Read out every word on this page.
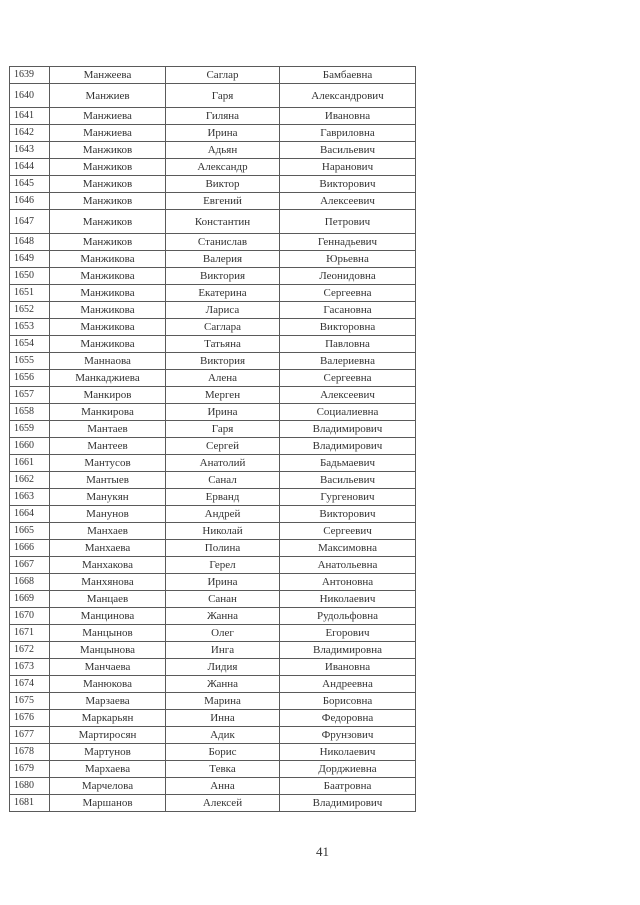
1639	Манжеева	Саглар	Бамбаевна
1640	Манжиев	Гаря	Александрович
1641	Манжиева	Гиляна	Ивановна
1642	Манжиева	Ирина	Гавриловна
1643	Манжиков	Адьян	Васильевич
1644	Манжиков	Александр	Наранович
1645	Манжиков	Виктор	Викторович
1646	Манжиков	Евгений	Алексеевич
1647	Манжиков	Константин	Петрович
1648	Манжиков	Станислав	Геннадьевич
1649	Манжикова	Валерия	Юрьевна
1650	Манжикова	Виктория	Леонидовна
1651	Манжикова	Екатерина	Сергеевна
1652	Манжикова	Лариса	Гасановна
1653	Манжикова	Саглара	Викторовна
1654	Манжикова	Татьяна	Павловна
1655	Маннаова	Виктория	Валериевна
1656	Манкаджиева	Алена	Сергеевна
1657	Манкиров	Мерген	Алексеевич
1658	Манкирова	Ирина	Социалиевна
1659	Мантаев	Гаря	Владимирович
1660	Мантеев	Сергей	Владимирович
1661	Мантусов	Анатолий	Бадьмаевич
1662	Мантыев	Санал	Васильевич
1663	Манукян	Ерванд	Гургенович
1664	Манунов	Андрей	Викторович
1665	Манхаев	Николай	Сергеевич
1666	Манхаева	Полина	Максимовна
1667	Манхакова	Герел	Анатольевна
1668	Манхянова	Ирина	Антоновна
1669	Манцаев	Санан	Николаевич
1670	Манцинова	Жанна	Рудольфовна
1671	Манцынов	Олег	Егорович
1672	Манцынова	Инга	Владимировна
1673	Манчаева	Лидия	Ивановна
1674	Манюкова	Жанна	Андреевна
1675	Марзаева	Марина	Борисовна
1676	Маркарьян	Инна	Федоровна
1677	Мартиросян	Адик	Фрунзович
1678	Мартунов	Борис	Николаевич
1679	Мархаева	Тевка	Дорджиевна
1680	Марчелова	Анна	Баатровна
1681	Маршанов	Алексей	Владимирович
41
